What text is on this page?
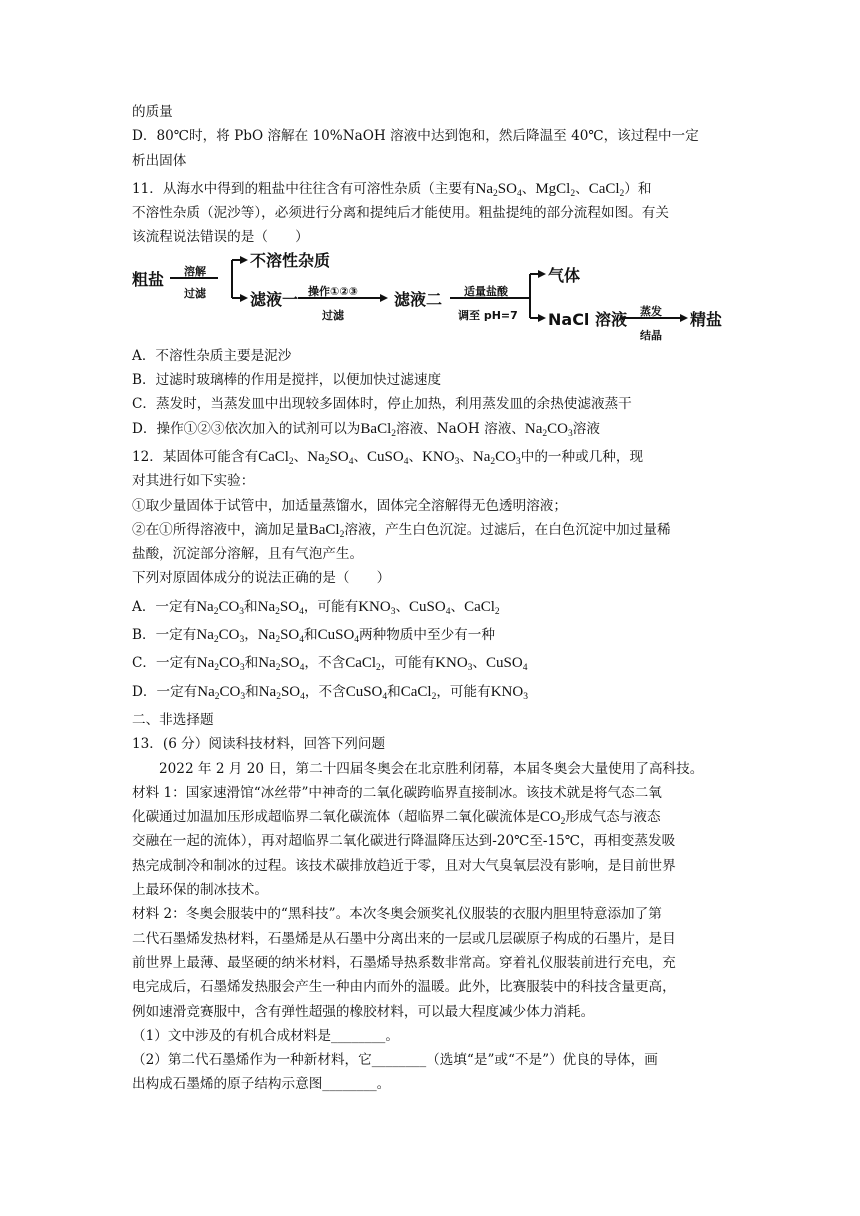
的质量
D．80℃时，将 PbO 溶解在 10%NaOH 溶液中达到饱和，然后降温至 40℃，该过程中一定
析出固体
11．从海水中得到的粗盐中往往含有可溶性杂质（主要有$Na_2SO_4$、MgCl$_2$、CaCl$_2$）和
不溶性杂质（泥沙等），必须进行分离和提纯后才能使用。粗盐提纯的部分流程如图。有关
该流程说法错误的是（　　）
粗盐 溶解
过滤
不溶性杂质
滤液一 操作①②③
过滤
滤液二 适量盐酸
调至 pH=7
气体
NaCl 溶液 蒸发
结晶
精盐
A．不溶性杂质主要是泥沙
B．过滤时玻璃棒的作用是搅拌，以便加快过滤速度
C．蒸发时，当蒸发皿中出现较多固体时，停止加热，利用蒸发皿的余热使滤液蒸干
D．操作①②③依次加入的试剂可以为BaCl$_2$溶液、NaOH 溶液、$Na_2CO_3$溶液
12．某固体可能含有CaCl$_2$、$Na_2SO_4$、CuSO$_4$、$KNO_3$、$Na_2CO_3$中的一种或几种，现
对其进行如下实验：
①取少量固体于试管中，加适量蒸馏水，固体完全溶解得无色透明溶液；
②在①所得溶液中，滴加足量BaCl$_2$溶液，产生白色沉淀。过滤后，在白色沉淀中加过量稀
盐酸，沉淀部分溶解，且有气泡产生。
下列对原固体成分的说法正确的是（　　）
A．一定有$Na_2CO_3$和$Na_2SO_4$，可能有$KNO_3$、CuSO$_4$、CaCl$_2$
B．一定有$Na_2CO_3$，$Na_2SO_4$和CuSO$_4$两种物质中至少有一种
C．一定有$Na_2CO_3$和$Na_2SO_4$，不含CaCl$_2$，可能有$KNO_3$、CuSO$_4$
D．一定有$Na_2CO_3$和$Na_2SO_4$，不含CuSO$_4$和CaCl$_2$，可能有$KNO_3$
二、非选择题
13．(6 分）阅读科技材料，回答下列问题
2022 年 2 月 20 日，第二十四届冬奥会在北京胜利闭幕，本届冬奥会大量使用了高科技。
材料 1：国家速滑馆“冰丝带”中神奇的二氧化碳跨临界直接制冰。该技术就是将气态二氧
化碳通过加温加压形成超临界二氧化碳流体（超临界二氧化碳流体是$CO_2$形成气态与液态
交融在一起的流体），再对超临界二氧化碳进行降温降压达到-20℃至-15℃，再相变蒸发吸
热完成制冷和制冰的过程。该技术碳排放趋近于零，且对大气臭氧层没有影响，是目前世界
上最环保的制冰技术。
材料 2：冬奥会服装中的“黑科技”。本次冬奥会颁奖礼仪服装的衣服内胆里特意添加了第
二代石墨烯发热材料，石墨烯是从石墨中分离出来的一层或几层碳原子构成的石墨片，是目
前世界上最薄、最坚硬的纳米材料，石墨烯导热系数非常高。穿着礼仪服装前进行充电，充
电完成后，石墨烯发热服会产生一种由内而外的温暖。此外，比赛服装中的科技含量更高，
例如速滑竞赛服中，含有弹性超强的橡胶材料，可以最大程度减少体力消耗。
（1）文中涉及的有机合成材料是________。
（2）第二代石墨烯作为一种新材料，它________（选填“是”或“不是”）优良的导体，画
出构成石墨烯的原子结构示意图________。
